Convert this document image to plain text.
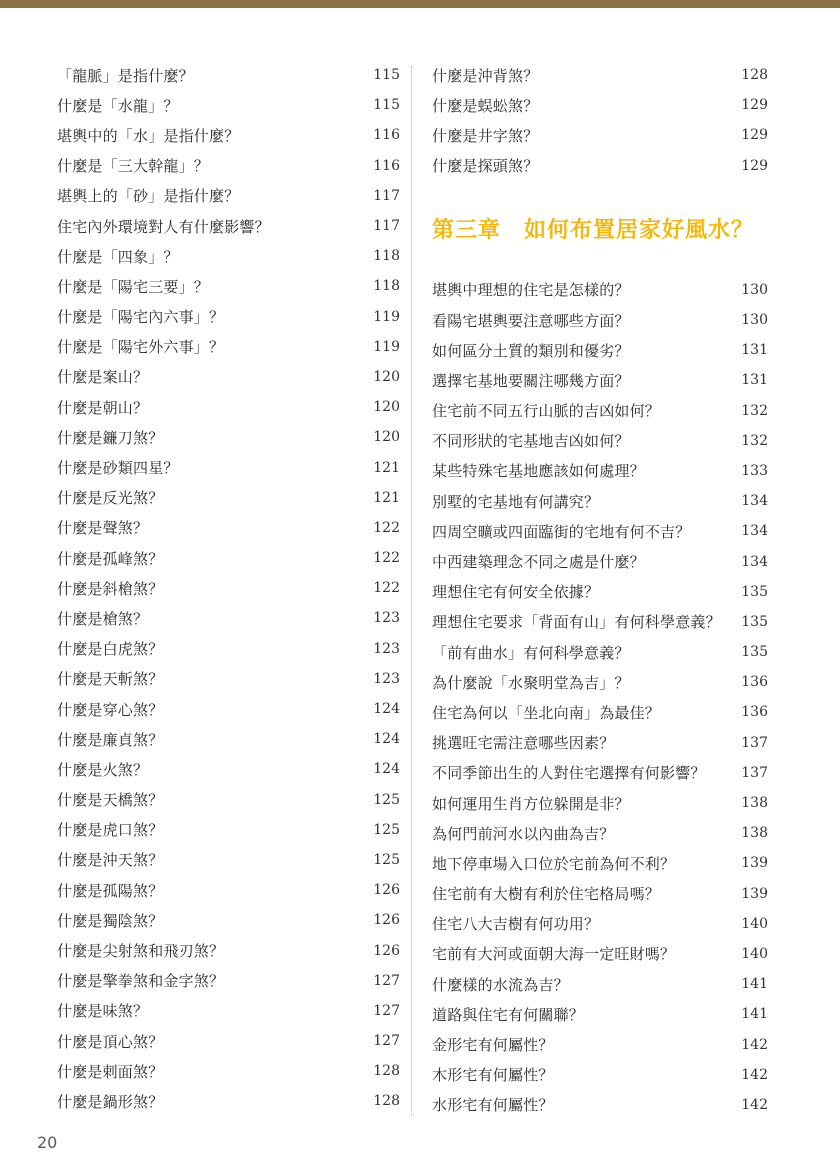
「龍脈」是指什麼？	115
什麼是「水龍」？	115
堪輿中的「水」是指什麼？	116
什麼是「三大幹龍」？	116
堪輿上的「砂」是指什麼？	117
住宅內外環境對人有什麼影響？	117
什麼是「四象」？	118
什麼是「陽宅三要」？	118
什麼是「陽宅內六事」？	119
什麼是「陽宅外六事」？	119
什麼是案山？	120
什麼是朝山？	120
什麼是鐮刀煞？	120
什麼是砂類四星？	121
什麼是反光煞？	121
什麼是聲煞？	122
什麼是孤峰煞？	122
什麼是斜槍煞？	122
什麼是槍煞？	123
什麼是白虎煞？	123
什麼是天斬煞？	123
什麼是穿心煞？	124
什麼是廉貞煞？	124
什麼是火煞？	124
什麼是天橋煞？	125
什麼是虎口煞？	125
什麼是沖天煞？	125
什麼是孤陽煞？	126
什麼是獨陰煞？	126
什麼是尖射煞和飛刃煞？	126
什麼是擎拳煞和金字煞？	127
什麼是味煞？	127
什麼是頂心煞？	127
什麼是剌面煞？	128
什麼是鍋形煞？	128
什麼是沖背煞？	128
什麼是蜈蚣煞？	129
什麼是井字煞？	129
什麼是探頭煞？	129
第三章　如何布置居家好風水？
堪輿中理想的住宅是怎樣的？	130
看陽宅堪輿要注意哪些方面？	130
如何區分土質的類別和優劣？	131
選擇宅基地要關注哪幾方面？	131
住宅前不同五行山脈的吉凶如何？	132
不同形狀的宅基地吉凶如何？	132
某些特殊宅基地應該如何處理？	133
別墅的宅基地有何講究？	134
四周空曠或四面臨街的宅地有何不吉？	134
中西建築理念不同之處是什麼？	134
理想住宅有何安全依據？	135
理想住宅要求「背面有山」有何科學意義？ 135
「前有曲水」有何科學意義？	135
為什麼說「水聚明堂為吉」？	136
住宅為何以「坐北向南」為最佳？	136
挑選旺宅需注意哪些因素？	137
不同季節出生的人對住宅選擇有何影響？	137
如何運用生肖方位躲開是非？	138
為何門前河水以內曲為吉？	138
地下停車場入口位於宅前為何不利？	139
住宅前有大樹有利於住宅格局嗎？	139
住宅八大吉樹有何功用？	140
宅前有大河或面朝大海一定旺財嗎？	140
什麼樣的水流為吉？	141
道路與住宅有何關聯？	141
金形宅有何屬性？	142
木形宅有何屬性？	142
水形宅有何屬性？	142
20
